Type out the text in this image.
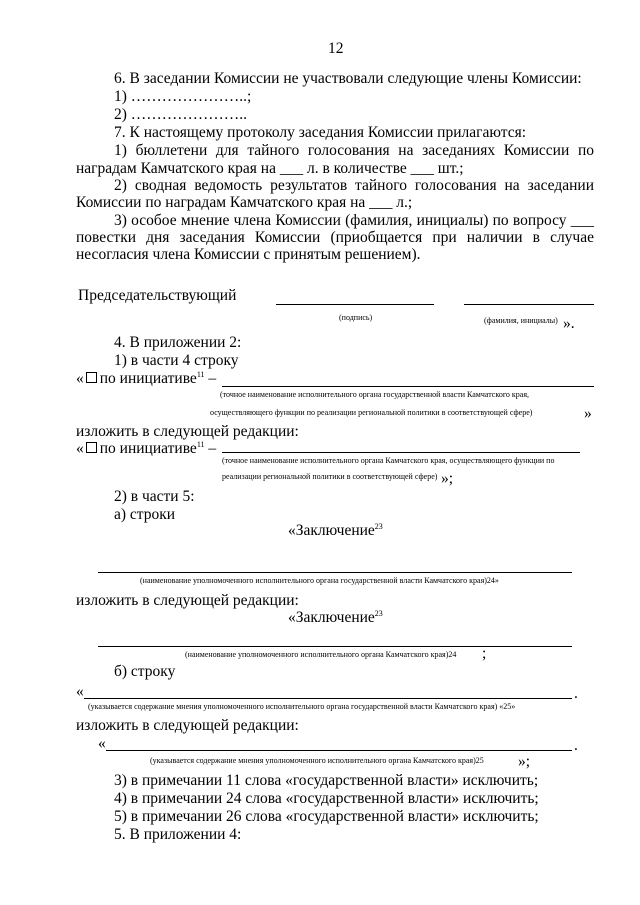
12
6. В заседании Комиссии не участвовали следующие члены Комиссии:
1) …………………..;
2) …………………..
7. К настоящему протоколу заседания Комиссии прилагаются:
1) бюллетени для тайного голосования на заседаниях Комиссии по
наградам Камчатского края на ___ л. в количестве ___ шт.;
2) сводная ведомость результатов тайного голосования на заседании
Комиссии по наградам Камчатского края на ___ л.;
3) особое мнение члена Комиссии (фамилия, инициалы) по вопросу ___
повестки дня заседания Комиссии (приобщается при наличии в случае
несогласия члена Комиссии с принятым решением).
Председательствующий
(подпись)	(фамилия, инициалы) ».
4. В приложении 2:
1) в части 4 строку
« по инициативе$^{11}$ –
(точное наименование исполнительного органа государственной власти Камчатского края,
осуществляющего функции по реализации региональной политики в соответствующей сфере)	»
изложить в следующей редакции:
« по инициативе$^{11}$ –
(точное наименование исполнительного органа Камчатского края, осуществляющего функции по
реализации региональной политики в соответствующей сфере) »;
2) в части 5:
а) строки
«Заключение$^{23}$
(наименование уполномоченного исполнительного органа государственной власти Камчатского края)24»
изложить в следующей редакции:
«Заключение$^{23}$
(наименование уполномоченного исполнительного органа Камчатского края)24 ;
б) строку
«	.
(указывается содержание мнения уполномоченного исполнительного органа государственной власти Камчатского края) «25»
изложить в следующей редакции:
«	.
(указывается содержание мнения уполномоченного исполнительного органа Камчатского края)25 »;
3) в примечании 11 слова «государственной власти» исключить;
4) в примечании 24 слова «государственной власти» исключить;
5) в примечании 26 слова «государственной власти» исключить;
5. В приложении 4:
